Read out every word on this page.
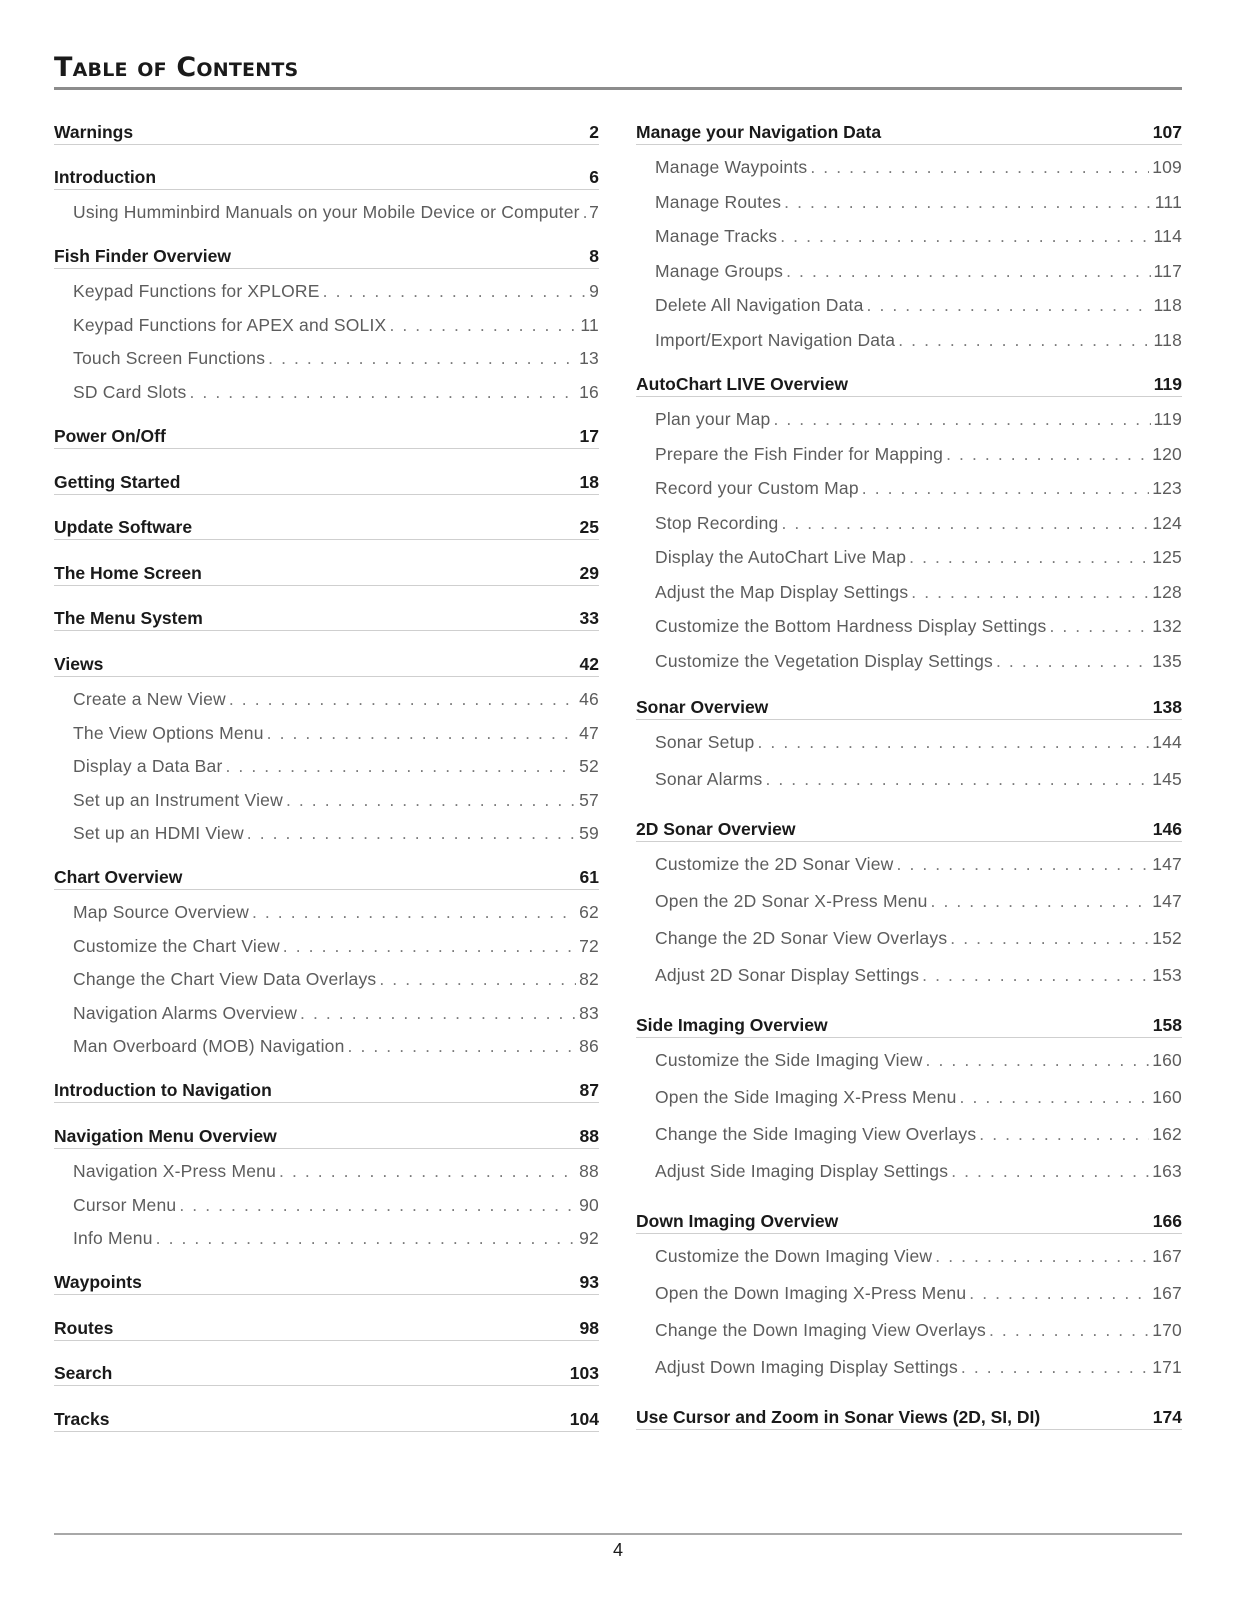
Table of Contents
Warnings	2
Introduction	6
Using Humminbird Manuals on your Mobile Device or Computer . . . 7
Fish Finder Overview	8
Keypad Functions for XPLORE . . .	9
Keypad Functions for APEX and SOLIX . . .	11
Touch Screen Functions . . .	13
SD Card Slots . . .	16
Power On/Off	17
Getting Started	18
Update Software	25
The Home Screen	29
The Menu System	33
Views	42
Create a New View . . .	46
The View Options Menu . . .	47
Display a Data Bar . . .	52
Set up an Instrument View . . .	57
Set up an HDMI View . . .	59
Chart Overview	61
Map Source Overview . . .	62
Customize the Chart View . . .	72
Change the Chart View Data Overlays . . .	82
Navigation Alarms Overview . . .	83
Man Overboard (MOB) Navigation . . .	86
Introduction to Navigation	87
Navigation Menu Overview	88
Navigation X-Press Menu . . .	88
Cursor Menu . . .	90
Info Menu . . .	92
Waypoints	93
Routes	98
Search	103
Tracks	104
Manage your Navigation Data	107
Manage Waypoints . . .	109
Manage Routes . . .	111
Manage Tracks . . .	114
Manage Groups . . .	117
Delete All Navigation Data . . .	118
Import/Export Navigation Data . . .	118
AutoChart LIVE Overview	119
Plan your Map . . .	119
Prepare the Fish Finder for Mapping . . .	120
Record your Custom Map . . .	123
Stop Recording . . .	124
Display the AutoChart Live Map . . .	125
Adjust the Map Display Settings . . .	128
Customize the Bottom Hardness Display Settings . . .	132
Customize the Vegetation Display Settings . . .	135
Sonar Overview	138
Sonar Setup . . .	144
Sonar Alarms . . .	145
2D Sonar Overview	146
Customize the 2D Sonar View . . .	147
Open the 2D Sonar X-Press Menu . . .	147
Change the 2D Sonar View Overlays . . .	152
Adjust 2D Sonar Display Settings . . .	153
Side Imaging Overview	158
Customize the Side Imaging View . . .	160
Open the Side Imaging X-Press Menu . . .	160
Change the Side Imaging View Overlays . . .	162
Adjust Side Imaging Display Settings . . .	163
Down Imaging Overview	166
Customize the Down Imaging View . . .	167
Open the Down Imaging X-Press Menu . . .	167
Change the Down Imaging View Overlays . . .	170
Adjust Down Imaging Display Settings . . .	171
Use Cursor and Zoom in Sonar Views (2D, SI, DI)	174
4
